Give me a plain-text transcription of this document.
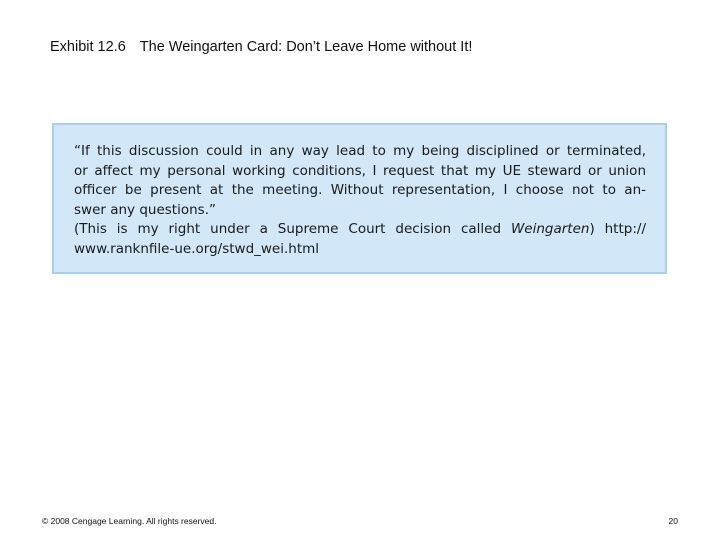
Exhibit 12.6 The Weingarten Card: Don’t Leave Home without It!
“If this discussion could in any way lead to my being disciplined or terminated,
or affect my personal working conditions, I request that my UE steward or union
officer be present at the meeting. Without representation, I choose not to an-
swer any questions.”
(This is my right under a Supreme Court decision called Weingarten) http://
www.ranknfile-ue.org/stwd_wei.html
© 2008 Cengage Learning. All rights reserved.	20
